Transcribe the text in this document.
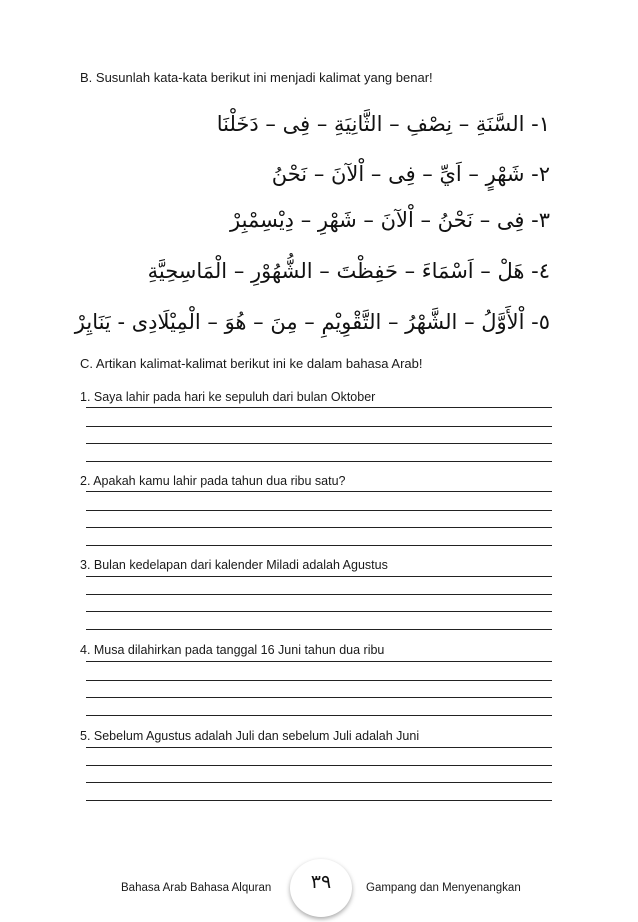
B. Susunlah kata-kata berikut ini menjadi kalimat yang benar!
١- السَّنَةِ – نِصْفِ – الثَّانِيَةِ – فِى – دَخَلْنَا
٢- شَهْرٍ – اَيِّ – فِى – اْلآنَ – نَحْنُ
٣- فِى – نَحْنُ – اْلآنَ – شَهْرِ – دِيْسِمْبِرْ
٤- هَلْ – اَسْمَاءَ – حَفِظْتَ – الشُّهُوْرِ – الْمَاسِحِيَّةِ
٥- اْلأَوَّلُ – الشَّهْرُ – التَّقْوِيْمِ – مِنَ – هُوَ – الْمِيْلَادِى - يَنَايِرْ
C. Artikan kalimat-kalimat berikut ini ke dalam bahasa Arab!
1. Saya lahir pada hari ke sepuluh dari bulan Oktober
2. Apakah kamu lahir pada tahun dua ribu satu?
3. Bulan kedelapan dari kalender Miladi adalah Agustus
4. Musa dilahirkan pada tanggal 16 Juni tahun dua ribu
5. Sebelum Agustus adalah Juli dan sebelum Juli adalah Juni
Bahasa Arab Bahasa Alquran	٣٩	Gampang dan Menyenangkan
